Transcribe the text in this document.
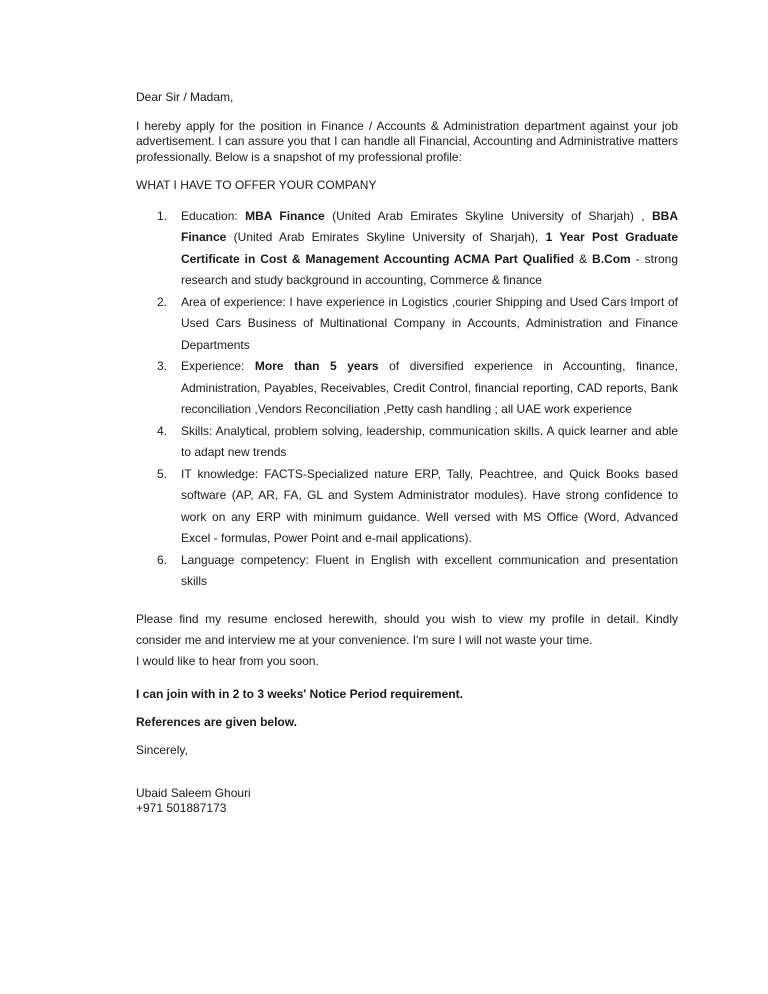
Dear Sir / Madam,

I hereby apply for the position in Finance / Accounts & Administration department against your job advertisement. I can assure you that I can handle all Financial, Accounting and Administrative matters professionally. Below is a snapshot of my professional profile:

WHAT I HAVE TO OFFER YOUR COMPANY

1. Education: MBA Finance (United Arab Emirates Skyline University of Sharjah) , BBA Finance (United Arab Emirates Skyline University of Sharjah), 1 Year Post Graduate Certificate in Cost & Management Accounting ACMA Part Qualified & B.Com - strong research and study background in accounting, Commerce & finance
2. Area of experience: I have experience in Logistics ,courier Shipping and Used Cars Import of Used Cars Business of Multinational Company in Accounts, Administration and Finance Departments
3. Experience: More than 5 years of diversified experience in Accounting, finance, Administration, Payables, Receivables, Credit Control, financial reporting, CAD reports, Bank reconciliation ,Vendors Reconciliation ,Petty cash handling ; all UAE work experience
4. Skills: Analytical, problem solving, leadership, communication skills. A quick learner and able to adapt new trends
5. IT knowledge: FACTS-Specialized nature ERP, Tally, Peachtree, and Quick Books based software (AP, AR, FA, GL and System Administrator modules). Have strong confidence to work on any ERP with minimum guidance. Well versed with MS Office (Word, Advanced Excel - formulas, Power Point and e-mail applications).
6. Language competency: Fluent in English with excellent communication and presentation skills

Please find my resume enclosed herewith, should you wish to view my profile in detail. Kindly consider me and interview me at your convenience. I'm sure I will not waste your time.

I would like to hear from you soon.

I can join with in 2 to 3 weeks' Notice Period requirement.

References are given below.

Sincerely,

Ubaid Saleem Ghouri

+971 501887173
